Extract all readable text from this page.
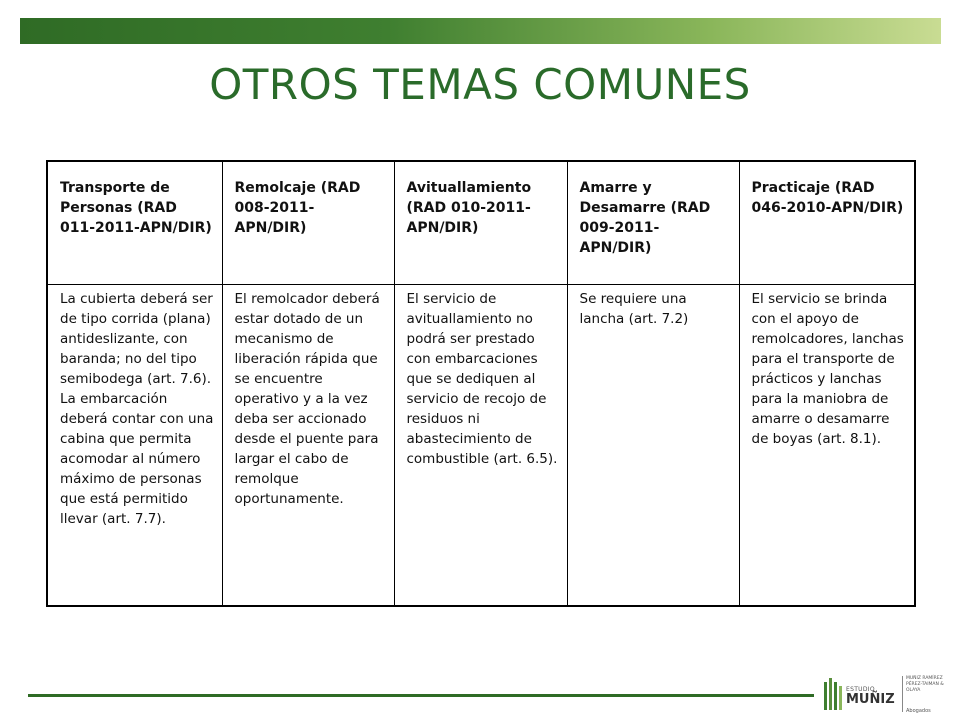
OTROS TEMAS COMUNES
Transporte de Personas (RAD 011-2011-APN/DIR)	Remolcaje (RAD 008-2011-APN/DIR)	Avituallamiento (RAD 010-2011-APN/DIR)	Amarre y Desamarre (RAD 009-2011-APN/DIR)	Practicaje (RAD 046-2010-APN/DIR)
La cubierta deberá ser de tipo corrida (plana) antideslizante, con baranda; no del tipo semibodega (art. 7.6). La embarcación deberá contar con una cabina que permita acomodar al número máximo de personas que está permitido llevar (art. 7.7).	El remolcador deberá estar dotado de un mecanismo de liberación rápida que se encuentre operativo y a la vez deba ser accionado desde el puente para largar el cabo de remolque oportunamente.	El servicio de avituallamiento no podrá ser prestado con embarcaciones que se dediquen al servicio de recojo de residuos ni abastecimiento de combustible (art. 6.5).	Se requiere una lancha (art. 7.2)	El servicio se brinda con el apoyo de remolcadores, lanchas para el transporte de prácticos y lanchas para la maniobra de amarre o desamarre de boyas (art. 8.1).
ESTUDIO
MUÑIZ
MUÑIZ RAMÍREZ PÉREZ-TAIMAN & OLAYA
Abogados
